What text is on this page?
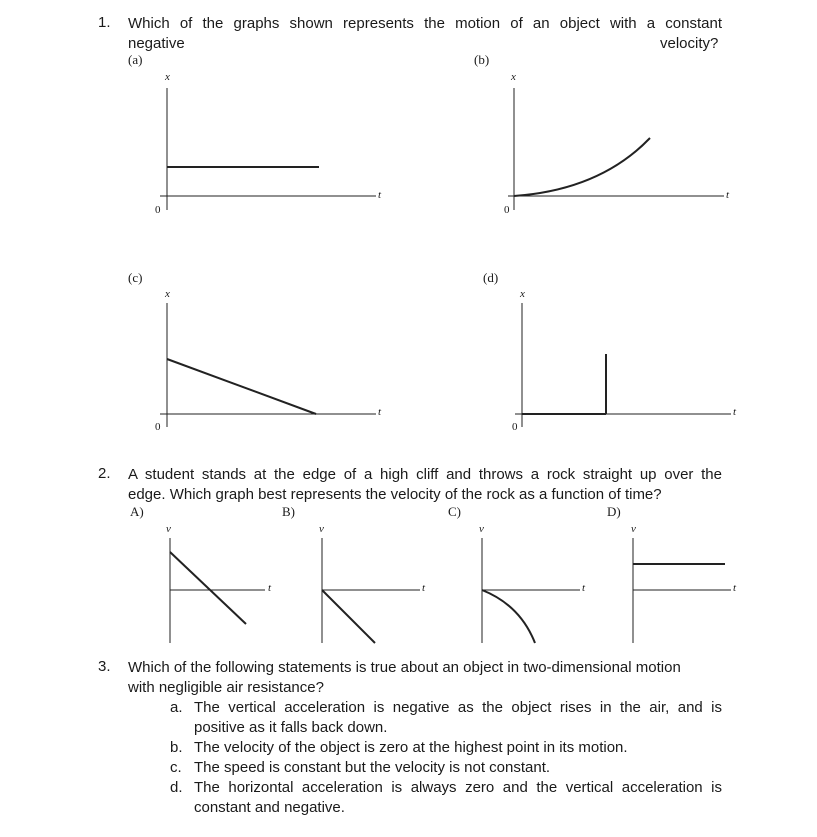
1. Which of the graphs shown represents the motion of an object with a constant
negative	velocity?
(a)	(b)
(c)	(d)
x
t
0
x
t
0
x
t
0
x
t
0
2. A student stands at the edge of a high cliff and throws a rock straight up over the
edge. Which graph best represents the velocity of the rock as a function of time?
A)	B)	C)	D)
v
t
v
t
v
t
v
t
3. Which of the following statements is true about an object in two-dimensional motion
with negligible air resistance?
a. The vertical acceleration is negative as the object rises in the air, and is
positive as it falls back down.
b. The velocity of the object is zero at the highest point in its motion.
c. The speed is constant but the velocity is not constant.
d. The horizontal acceleration is always zero and the vertical acceleration is
constant and negative.
